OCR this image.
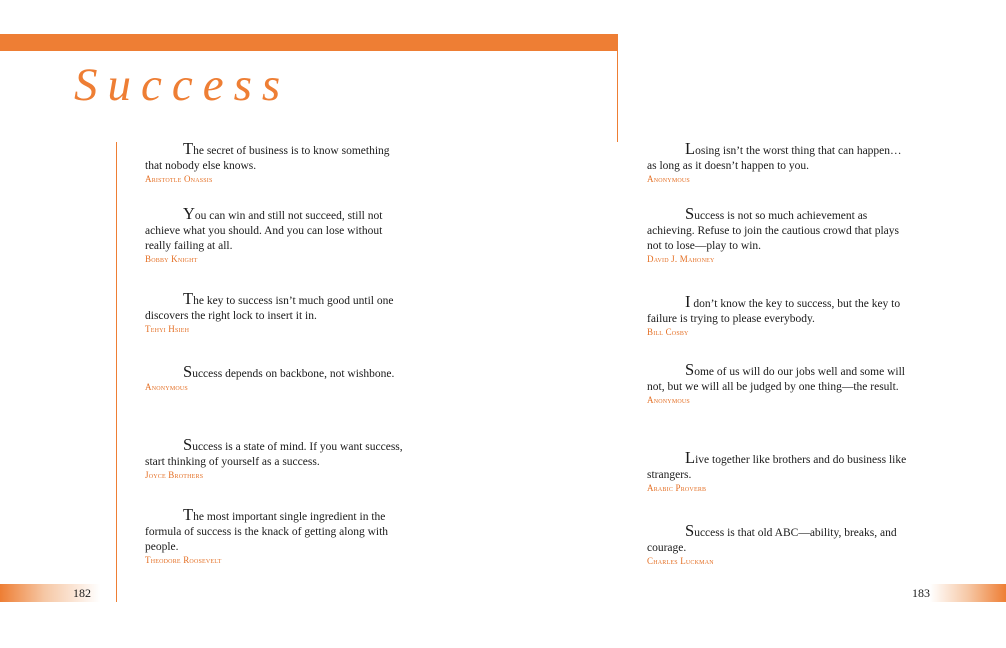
Success

The secret of business is to know something that nobody else knows.

Aristotle Onassis

You can win and still not succeed, still not achieve what you should. And you can lose without really failing at all.

Bobby Knight

The key to success isn’t much good until one discovers the right lock to insert it in.

Tehyi Hsieh

Success depends on backbone, not wishbone.

Anonymous

Success is a state of mind. If you want success, start thinking of yourself as a success.

Joyce Brothers

The most important single ingredient in the formula of success is the knack of getting along with people.

Theodore Roosevelt

Losing isn’t the worst thing that can happen… as long as it doesn’t happen to you.

Anonymous

Success is not so much achievement as achieving. Refuse to join the cautious crowd that plays not to lose—play to win.

David J. Mahoney

I don’t know the key to success, but the key to failure is trying to please everybody.

Bill Cosby

Some of us will do our jobs well and some will not, but we will all be judged by one thing—the result.

Anonymous

Live together like brothers and do business like strangers.

Arabic Proverb

Success is that old ABC—ability, breaks, and courage.

Charles Luckman

182	183
